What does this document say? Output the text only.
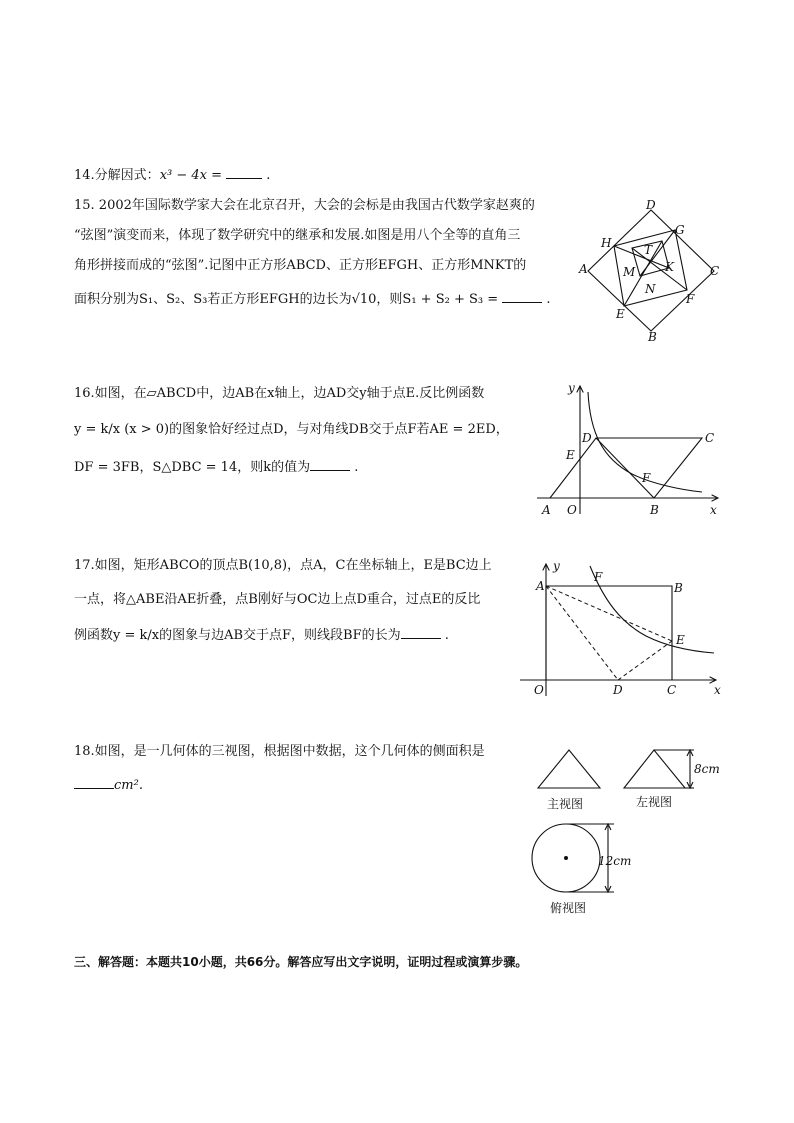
14.分解因式：x³ − 4x =	.
15. 2002年国际数学家大会在北京召开，大会的会标是由我国古代数学家赵爽的
“弦图”演变而来，体现了数学研究中的继承和发展.如图是用八个全等的直角三
角形拼接而成的“弦图”.记图中正方形ABCD、正方形EFGH、正方形MNKT的
面积分别为S₁、S₂、S₃若正方形EFGH的边长为√10，则S₁ + S₂ + S₃ =	.
D
G
H	T
A	K	C
M
N
F
E
B
16.如图，在▱ABCD中，边AB在x轴上，边AD交y轴于点E.反比例函数
y = k/x (x > 0)的图象恰好经过点D，与对角线DB交于点F若AE = 2ED，
DF = 3FB，S△DBC = 14，则k的值为	.
y
D	C
E
F
A O	B	x
17.如图，矩形ABCO的顶点B(10,8)，点A，C在坐标轴上，E是BC边上
一点，将△ABE沿AE折叠，点B刚好与OC边上点D重合，过点E的反比
例函数y = k/x的图象与边AB交于点F，则线段BF的长为	.
y
A
F
B
E
O	D	C	x
18.如图，是一几何体的三视图，根据图中数据，这个几何体的侧面积是
cm².
8cm
12cm
主视图	左视图
俯视图
三、解答题：本题共10小题，共66分。解答应写出文字说明，证明过程或演算步骤。
